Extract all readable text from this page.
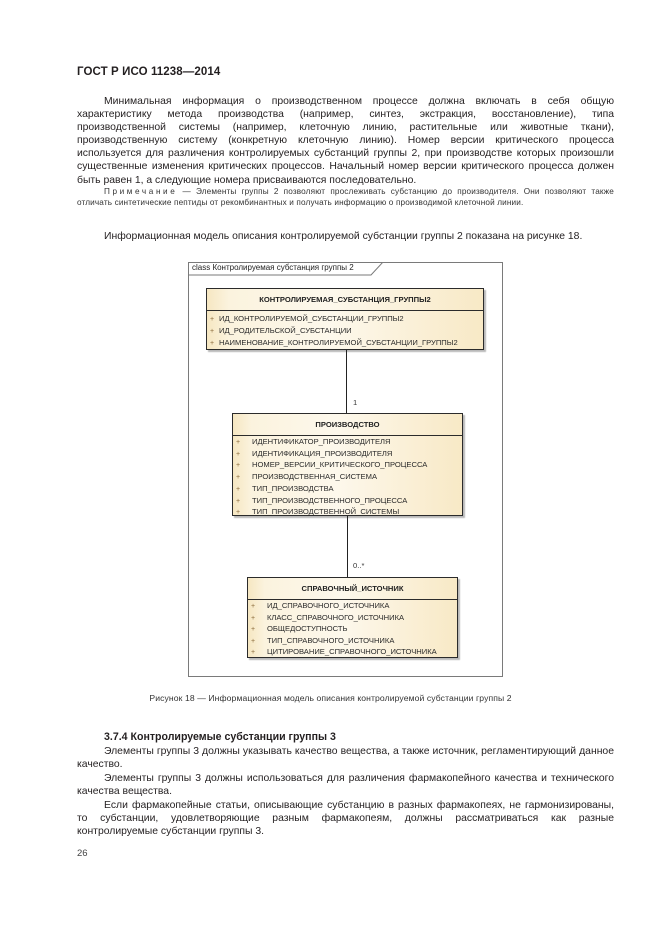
ГОСТ Р ИСО 11238—2014
Минимальная информация о производственном процессе должна включать в себя общую характеристику метода производства (например, синтез, экстракция, восстановление), типа производственной системы (например, клеточную линию, растительные или животные ткани), производственную систему (конкретную клеточную линию). Номер версии критического процесса используется для различения контролируемых субстанций группы 2, при производстве которых произошли существенные изменения критических процессов. Начальный номер версии критического процесса должен быть равен 1, а следующие номера присваиваются последовательно.
Примечание — Элементы группы 2 позволяют прослеживать субстанцию до производителя. Они позволяют также отличать синтетические пептиды от рекомбинантных и получать информацию о производимой клеточной линии.
Информационная модель описания контролируемой субстанции группы 2 показана на рисунке 18.
class Контролируемая субстанция группы 2
КОНТРОЛИРУЕМАЯ_СУБСТАНЦИЯ_ГРУППЫ2
+ ИД_КОНТРОЛИРУЕМОЙ_СУБСТАНЦИИ_ГРУППЫ2
+ ИД_РОДИТЕЛЬСКОЙ_СУБСТАНЦИИ
+ НАИМЕНОВАНИЕ_КОНТРОЛИРУЕМОЙ_СУБСТАНЦИИ_ГРУППЫ2
1
ПРОИЗВОДСТВО
+ ИДЕНТИФИКАТОР_ПРОИЗВОДИТЕЛЯ
+ ИДЕНТИФИКАЦИЯ_ПРОИЗВОДИТЕЛЯ
+ НОМЕР_ВЕРСИИ_КРИТИЧЕСКОГО_ПРОЦЕССА
+ ПРОИЗВОДСТВЕННАЯ_СИСТЕМА
+ ТИП_ПРОИЗВОДСТВА
+ ТИП_ПРОИЗВОДСТВЕННОГО_ПРОЦЕССА
+ ТИП_ПРОИЗВОДСТВЕННОЙ_СИСТЕМЫ
0..*
СПРАВОЧНЫЙ_ИСТОЧНИК
+ ИД_СПРАВОЧНОГО_ИСТОЧНИКА
+ КЛАСС_СПРАВОЧНОГО_ИСТОЧНИКА
+ ОБЩЕДОСТУПНОСТЬ
+ ТИП_СПРАВОЧНОГО_ИСТОЧНИКА
+ ЦИТИРОВАНИЕ_СПРАВОЧНОГО_ИСТОЧНИКА
Рисунок 18 — Информационная модель описания контролируемой субстанции группы 2
3.7.4 Контролируемые субстанции группы 3
Элементы группы 3 должны указывать качество вещества, а также источник, регламентирующий данное качество.
Элементы группы 3 должны использоваться для различения фармакопейного качества и технического качества вещества.
Если фармакопейные статьи, описывающие субстанцию в разных фармакопеях, не гармонизированы, то субстанции, удовлетворяющие разным фармакопеям, должны рассматриваться как разные контролируемые субстанции группы 3.
26
